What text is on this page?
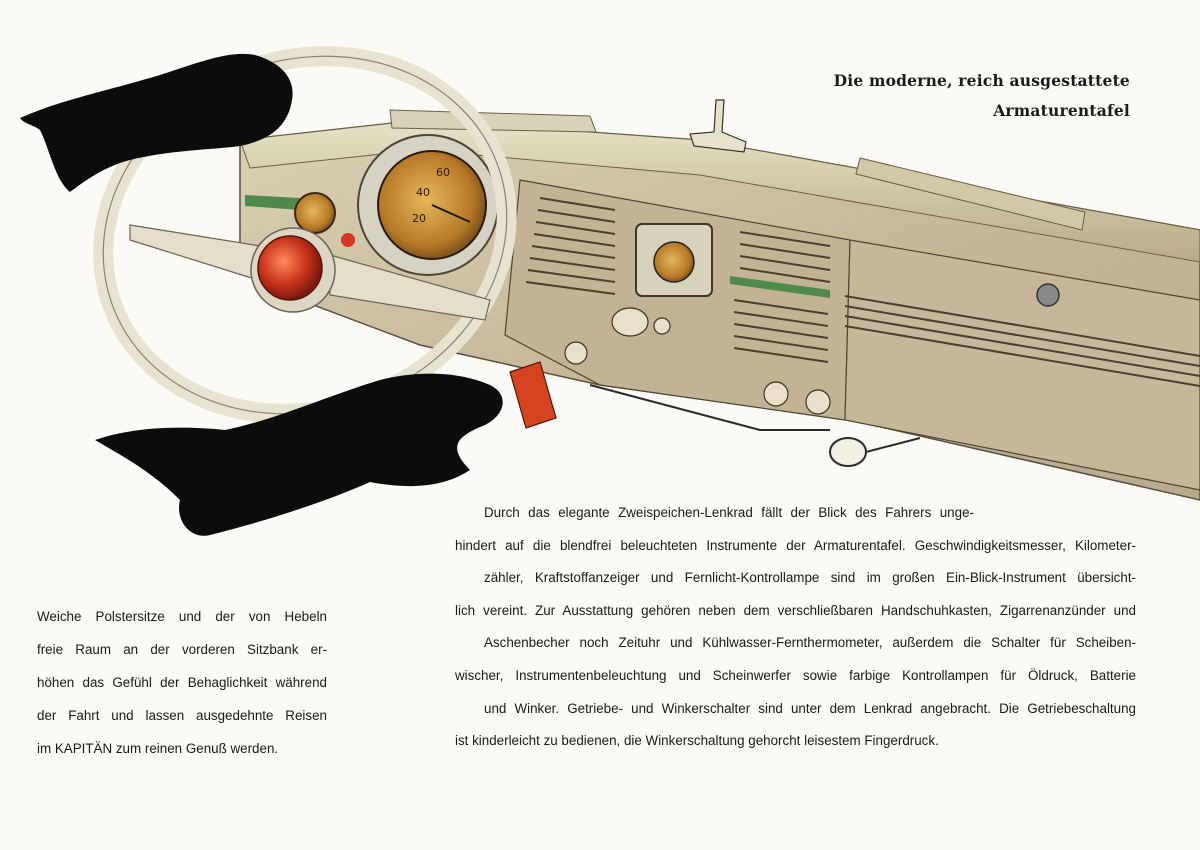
20
40
60
Die moderne, reich ausgestattete
Armaturentafel
Weiche Polstersitze und der von Hebeln
freie Raum an der vorderen Sitzbank er-
höhen das Gefühl der Behaglichkeit während
der Fahrt und lassen ausgedehnte Reisen
im KAPITÄN zum reinen Genuß werden.
Durch das elegante Zweispeichen-Lenkrad fällt der Blick des Fahrers unge-
hindert auf die blendfrei beleuchteten Instrumente der Armaturentafel. Geschwindigkeitsmesser, Kilometer-
zähler, Kraftstoffanzeiger und Fernlicht-Kontrollampe sind im großen Ein-Blick-Instrument übersicht-
lich vereint. Zur Ausstattung gehören neben dem verschließbaren Handschuhkasten, Zigarrenanzünder und
Aschenbecher noch Zeituhr und Kühlwasser-Fernthermometer, außerdem die Schalter für Scheiben-
wischer, Instrumentenbeleuchtung und Scheinwerfer sowie farbige Kontrollampen für Öldruck, Batterie
und Winker. Getriebe- und Winkerschalter sind unter dem Lenkrad angebracht. Die Getriebeschaltung
ist kinderleicht zu bedienen, die Winkerschaltung gehorcht leisestem Fingerdruck.
